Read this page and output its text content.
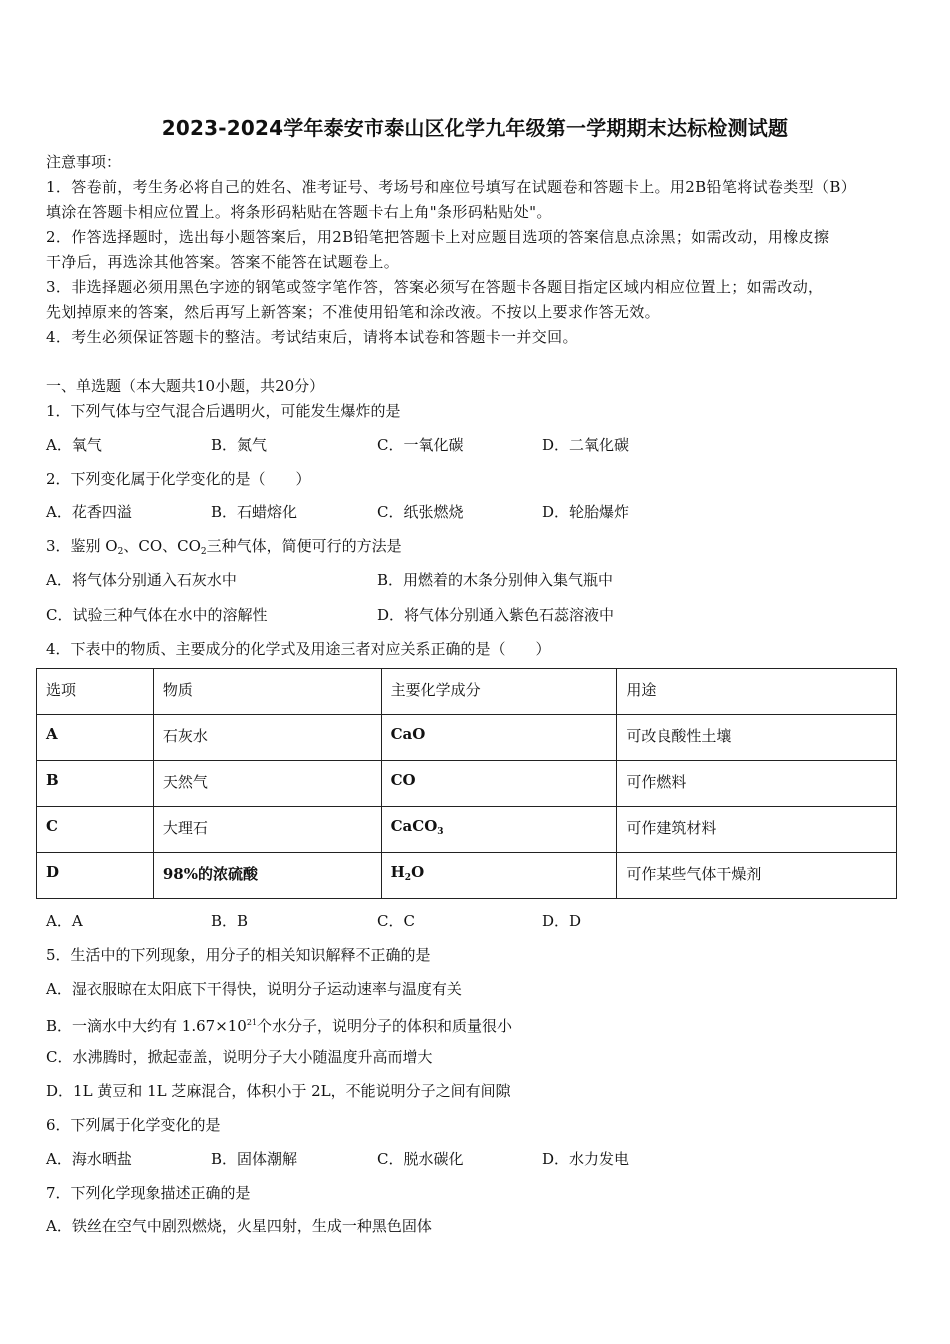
2023-2024学年泰安市泰山区化学九年级第一学期期末达标检测试题
注意事项：
1．答卷前，考生务必将自己的姓名、准考证号、考场号和座位号填写在试题卷和答题卡上。用2B铅笔将试卷类型（B）
填涂在答题卡相应位置上。将条形码粘贴在答题卡右上角"条形码粘贴处"。
2．作答选择题时，选出每小题答案后，用2B铅笔把答题卡上对应题目选项的答案信息点涂黑；如需改动，用橡皮擦
干净后，再选涂其他答案。答案不能答在试题卷上。
3．非选择题必须用黑色字迹的钢笔或签字笔作答，答案必须写在答题卡各题目指定区域内相应位置上；如需改动，
先划掉原来的答案，然后再写上新答案；不准使用铅笔和涂改液。不按以上要求作答无效。
4．考生必须保证答题卡的整洁。考试结束后，请将本试卷和答题卡一并交回。
一、单选题（本大题共10小题，共20分）
1．下列气体与空气混合后遇明火，可能发生爆炸的是
A．氧气	B．氮气	C．一氧化碳	D．二氧化碳
2．下列变化属于化学变化的是（　　）
A．花香四溢	B．石蜡熔化	C．纸张燃烧	D．轮胎爆炸
3．鉴别 $O_2$、CO、$CO_2$三种气体，简便可行的方法是
A．将气体分别通入石灰水中	B．用燃着的木条分别伸入集气瓶中
C．试验三种气体在水中的溶解性	D．将气体分别通入紫色石蕊溶液中
4．下表中的物质、主要成分的化学式及用途三者对应关系正确的是（　　）
选项	物质	主要化学成分	用途
A	石灰水	CaO	可改良酸性土壤
B	天然气	CO	可作燃料
C	大理石	CaCO$_3$	可作建筑材料
D	98%的浓硫酸	$H_2O$	可作某些气体干燥剂
A．A	B．B	C．C	D．D
5．生活中的下列现象，用分子的相关知识解释不正确的是
A．湿衣服晾在太阳底下干得快，说明分子运动速率与温度有关
B．一滴水中大约有 $1.67\times 10^{21}$个水分子，说明分子的体积和质量很小
C．水沸腾时，掀起壶盖，说明分子大小随温度升高而增大
D．1L 黄豆和 1L 芝麻混合，体积小于 2L，不能说明分子之间有间隙
6．下列属于化学变化的是
A．海水晒盐	B．固体潮解	C．脱水碳化	D．水力发电
7．下列化学现象描述正确的是
A．铁丝在空气中剧烈燃烧，火星四射，生成一种黑色固体
